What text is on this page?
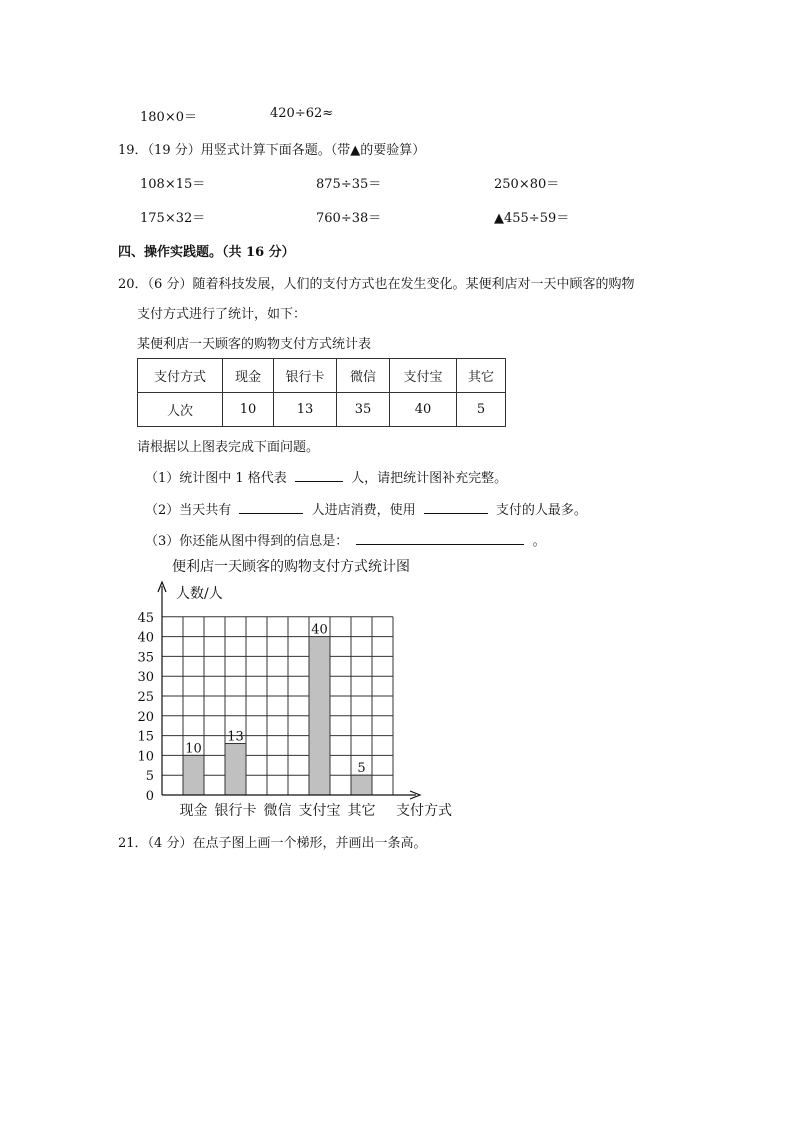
180×0＝	420÷62≈
19．（19 分）用竖式计算下面各题。（带▲的要验算）
108×15＝	875÷35＝	250×80＝
175×32＝	760÷38＝	▲455÷59＝
四、操作实践题。（共 16 分）
20．（6 分）随着科技发展，人们的支付方式也在发生变化。某便利店对一天中顾客的购物
支付方式进行了统计，如下：
某便利店一天顾客的购物支付方式统计表
支付方式	现金	银行卡	微信	支付宝	其它
人次	10	13	35	40	5
请根据以上图表完成下面问题。
（1）统计图中 1 格代表	人，请把统计图补充完整。
（2）当天共有	人进店消费，使用	支付的人最多。
（3）你还能从图中得到的信息是：	。
便利店一天顾客的购物支付方式统计图
10
现金
13
银行卡 微信
40
支付宝
5
其它
0
5
10
15
20
25
30
35
40
45
人数/人
支付方式
21．（4 分）在点子图上画一个梯形，并画出一条高。
